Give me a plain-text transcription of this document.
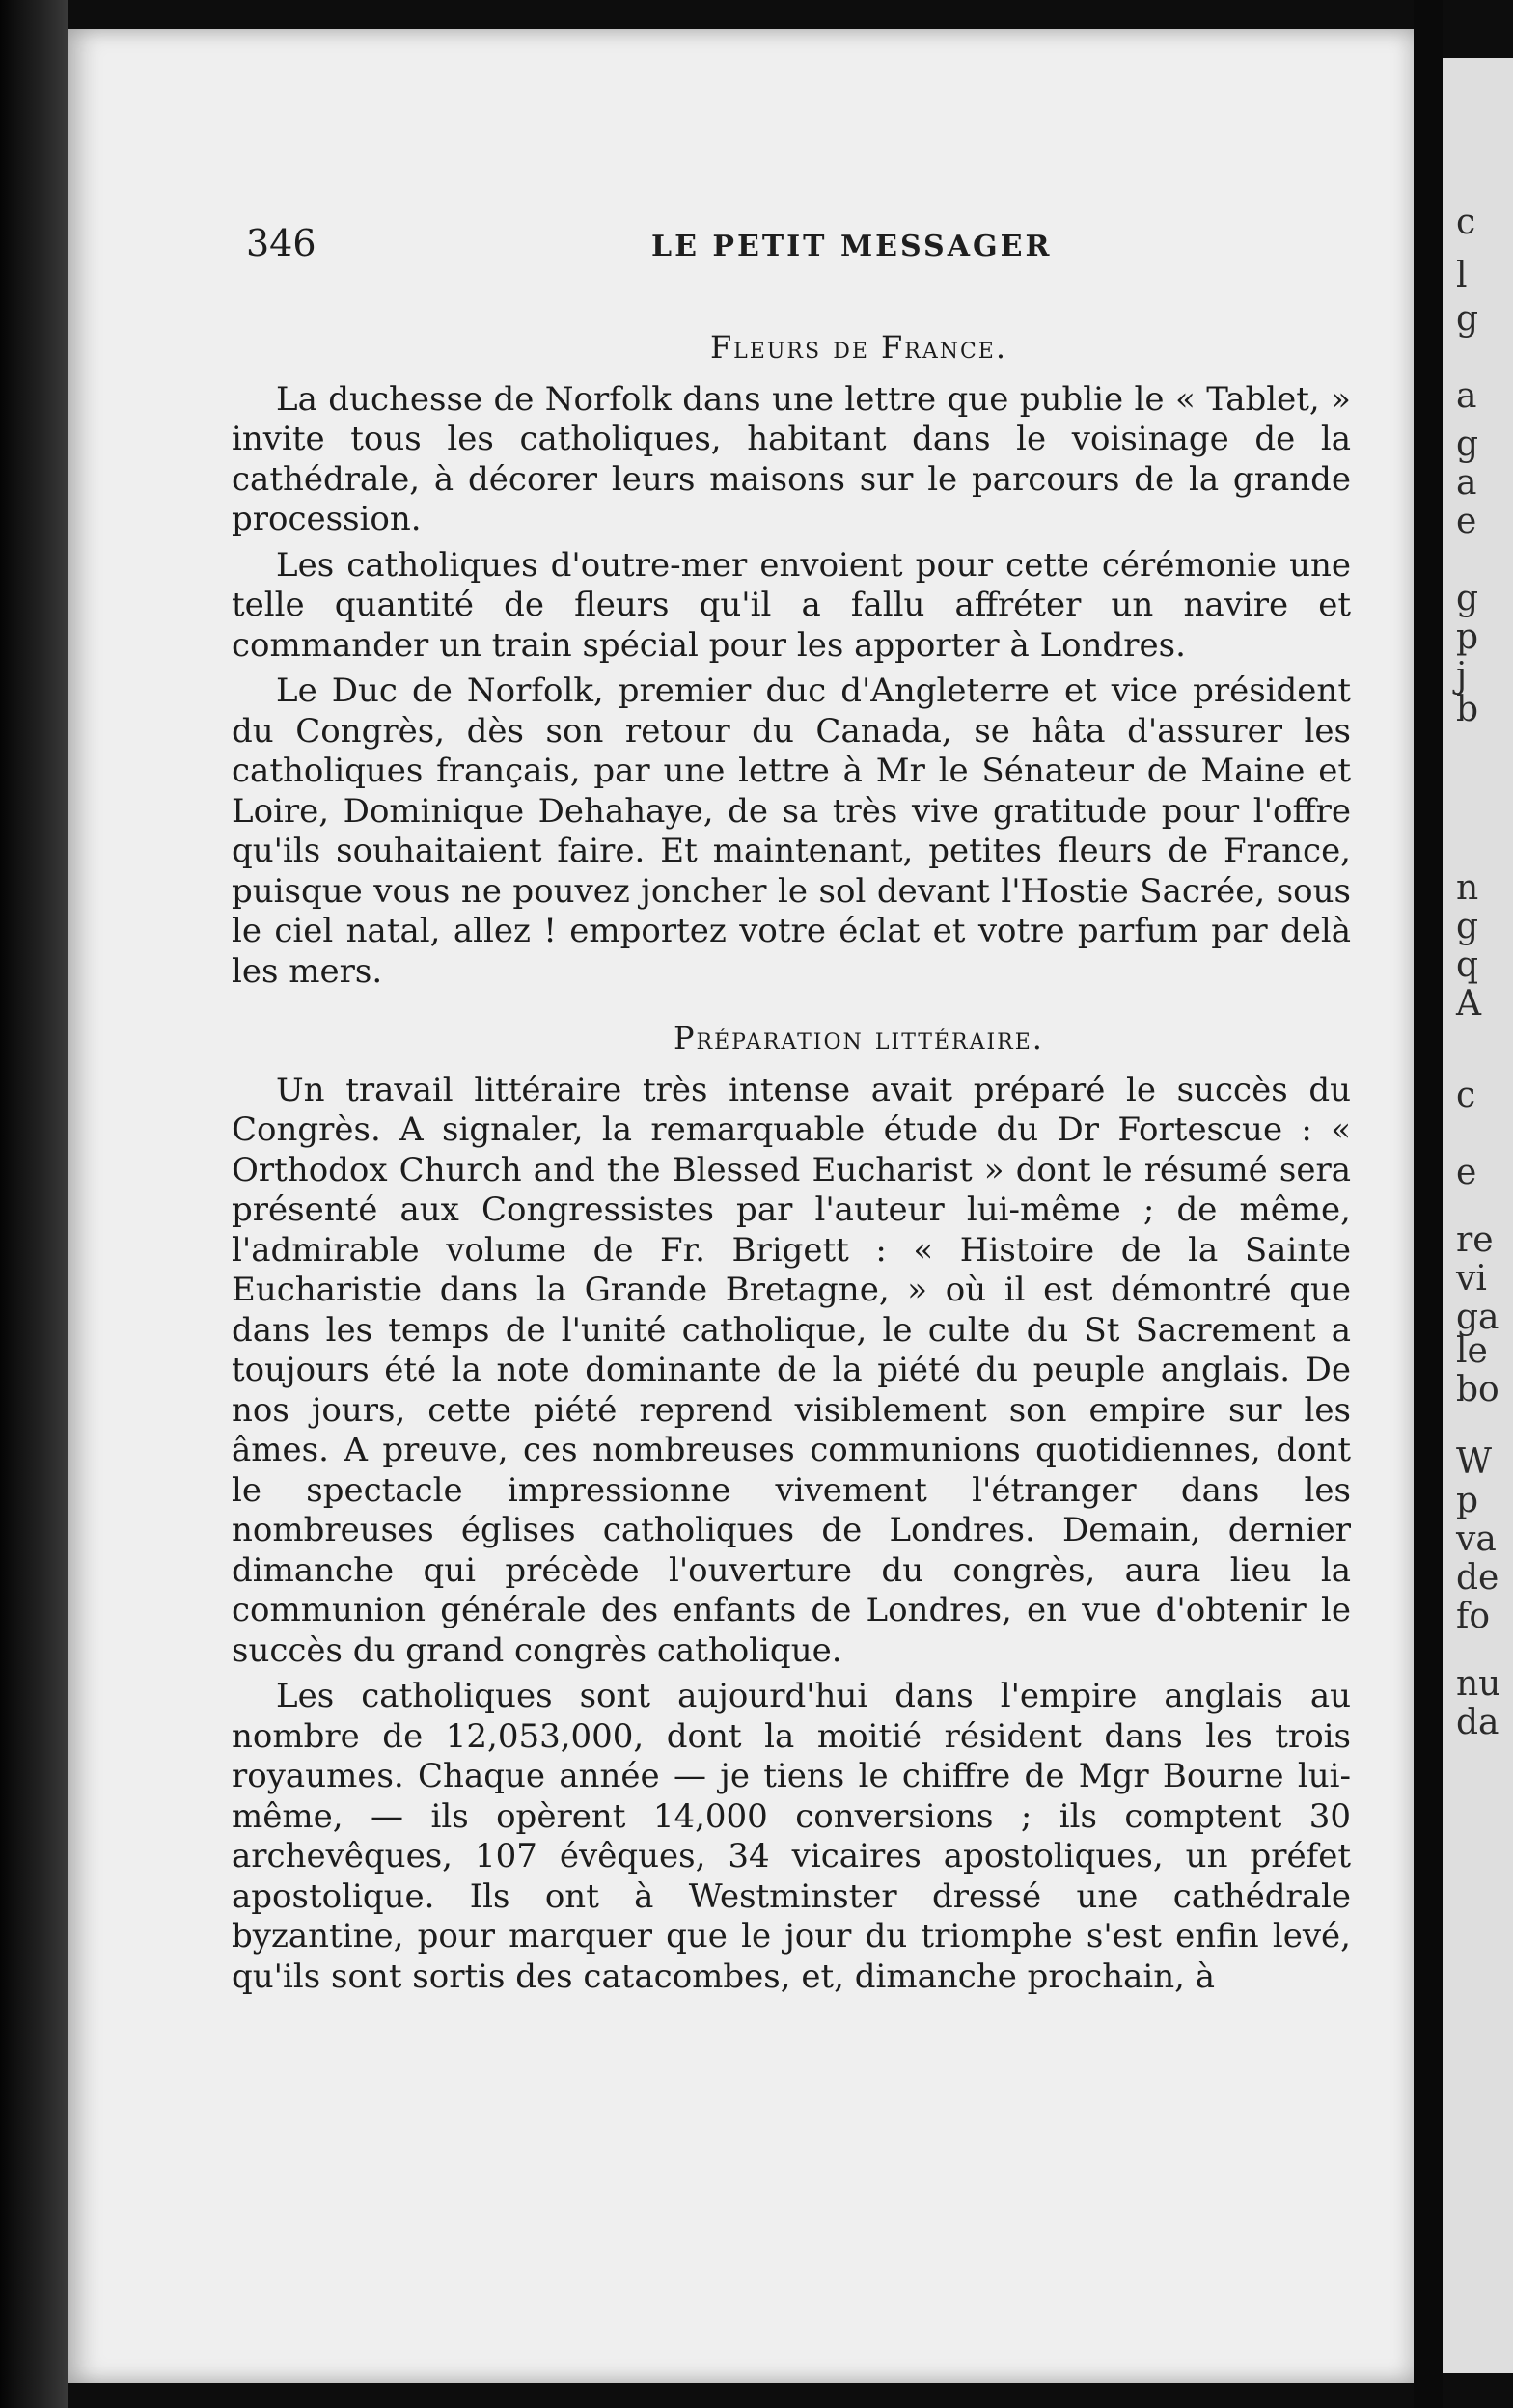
346	LE PETIT MESSAGER
Fleurs de France.

La duchesse de Norfolk dans une lettre que publie le « Tablet, » invite tous les catholiques, habitant dans le voisinage de la cathédrale, à décorer leurs maisons sur le parcours de la grande procession.

Les catholiques d'outre-mer envoient pour cette cérémonie une telle quantité de fleurs qu'il a fallu affréter un navire et commander un train spécial pour les apporter à Londres.

Le Duc de Norfolk, premier duc d'Angleterre et vice président du Congrès, dès son retour du Canada, se hâta d'assurer les catholiques français, par une lettre à Mr le Sénateur de Maine et Loire, Dominique Dehahaye, de sa très vive gratitude pour l'offre qu'ils souhaitaient faire. Et maintenant, petites fleurs de France, puisque vous ne pouvez joncher le sol devant l'Hostie Sacrée, sous le ciel natal, allez ! emportez votre éclat et votre parfum par delà les mers.

Préparation littéraire.

Un travail littéraire très intense avait préparé le succès du Congrès. A signaler, la remarquable étude du Dr Fortescue : « Orthodox Church and the Blessed Eucharist » dont le résumé sera présenté aux Congressistes par l'auteur lui-même ; de même, l'admirable volume de Fr. Brigett : « Histoire de la Sainte Eucharistie dans la Grande Bretagne, » où il est démontré que dans les temps de l'unité catholique, le culte du St Sacrement a toujours été la note dominante de la piété du peuple anglais. De nos jours, cette piété reprend visiblement son empire sur les âmes. A preuve, ces nombreuses communions quotidiennes, dont le spectacle impressionne vivement l'étranger dans les nombreuses églises catholiques de Londres. Demain, dernier dimanche qui précède l'ouverture du congrès, aura lieu la communion générale des enfants de Londres, en vue d'obtenir le succès du grand congrès catholique.

Les catholiques sont aujourd'hui dans l'empire anglais au nombre de 12,053,000, dont la moitié résident dans les trois royaumes. Chaque année — je tiens le chiffre de Mgr Bourne lui-même, — ils opèrent 14,000 conversions ; ils comptent 30 archevêques, 107 évêques, 34 vicaires apostoliques, un préfet apostolique. Ils ont à Westminster dressé une cathédrale byzantine, pour marquer que le jour du triomphe s'est enfin levé, qu'ils sont sortis des catacombes, et, dimanche prochain, à

c
l
g
a
g
a
e
g
p
j
b
n
g
q
A
c
e
re
vi
ga
le
bo
W
p
va
de
fo
nu
da
